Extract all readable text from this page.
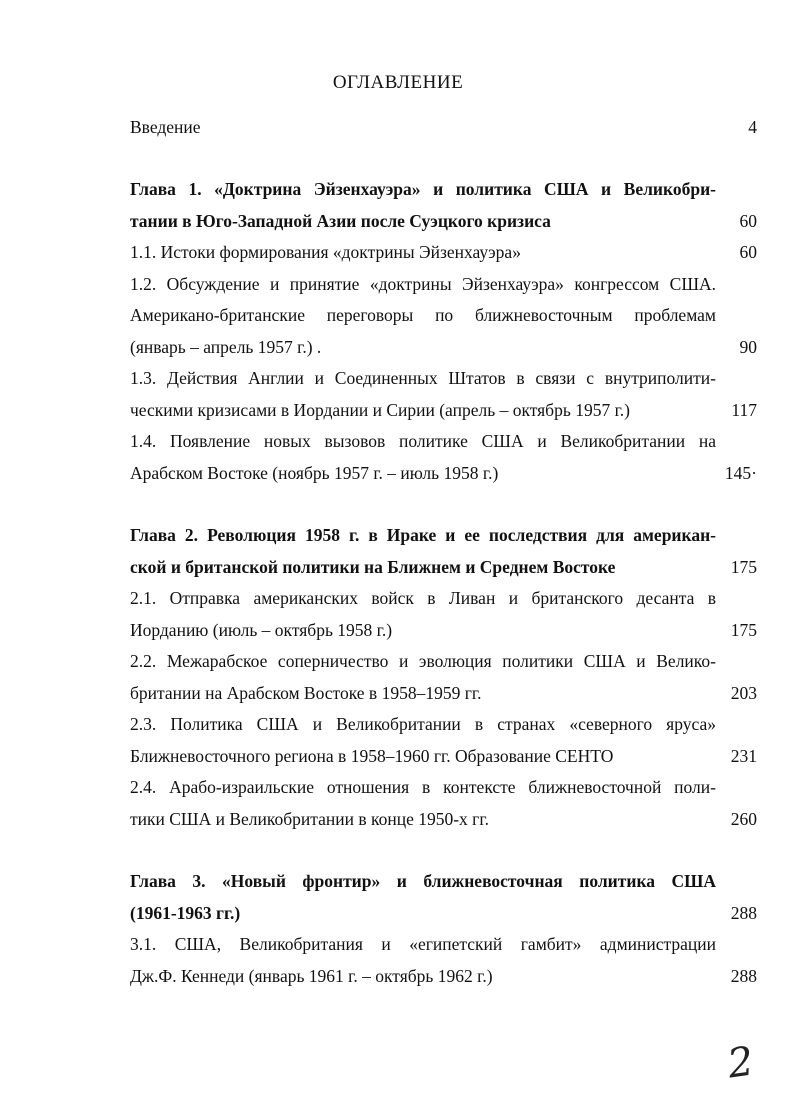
ОГЛАВЛЕНИЕ
Введение	4
Глава 1. «Доктрина Эйзенхауэра» и политика США и Великобри-
тании в Юго-Западной Азии после Суэцкого кризиса	60
1.1. Истоки формирования «доктрины Эйзенхауэра»	60
1.2. Обсуждение и принятие «доктрины Эйзенхауэра» конгрессом США.
Американо-британские переговоры по ближневосточным проблемам
(январь – апрель 1957 г.) .	90
1.3. Действия Англии и Соединенных Штатов в связи с внутриполити-
ческими кризисами в Иордании и Сирии (апрель – октябрь 1957 г.)	117
1.4. Появление новых вызовов политике США и Великобритании на
Арабском Востоке (ноябрь 1957 г. – июль 1958 г.)	145·
Глава 2. Революция 1958 г. в Ираке и ее последствия для американ-
ской и британской политики на Ближнем и Среднем Востоке	175
2.1. Отправка американских войск в Ливан и британского десанта в
Иорданию (июль – октябрь 1958 г.)	175
2.2. Межарабское соперничество и эволюция политики США и Велико-
британии на Арабском Востоке в 1958–1959 гг.	203
2.3. Политика США и Великобритании в странах «северного яруса»
Ближневосточного региона в 1958–1960 гг. Образование СЕНТО	231
2.4. Арабо-израильские отношения в контексте ближневосточной поли-
тики США и Великобритании в конце 1950-х гг.	260
Глава 3. «Новый фронтир» и ближневосточная политика США
(1961-1963 гг.)	288
3.1. США, Великобритания и «египетский гамбит» администрации
Дж.Ф. Кеннеди (январь 1961 г. – октябрь 1962 г.)	288
2
